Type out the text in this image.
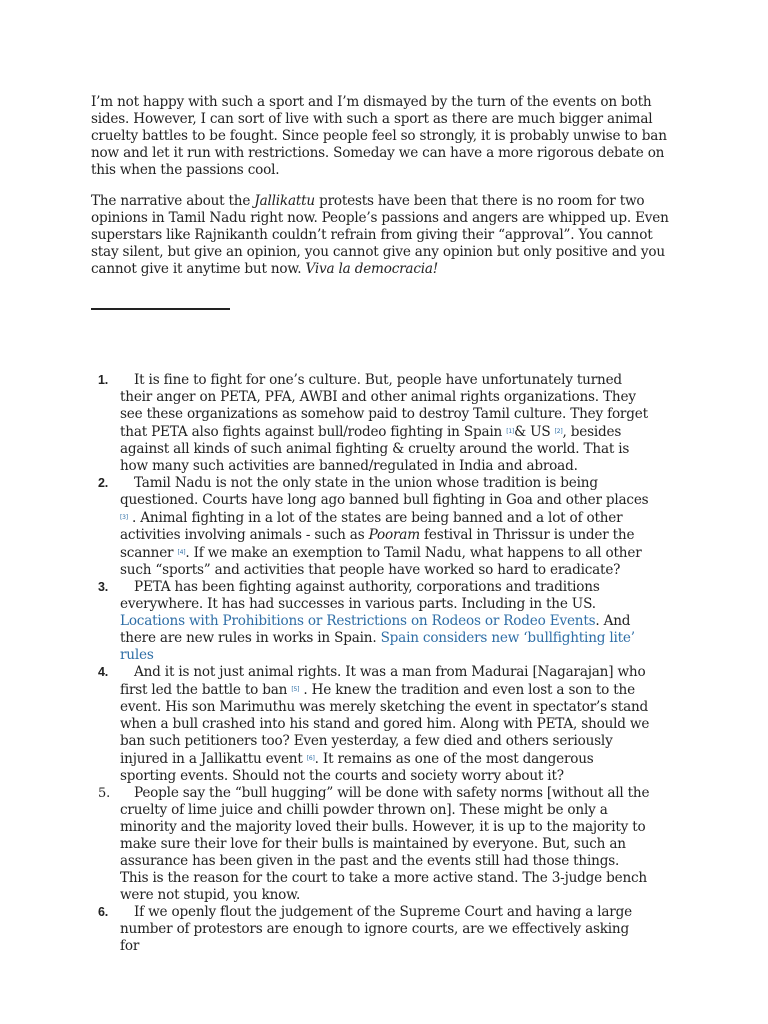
I’m not happy with such a sport and I’m dismayed by the turn of the events on both sides. However, I can sort of live with such a sport as there are much bigger animal cruelty battles to be fought. Since people feel so strongly, it is probably unwise to ban now and let it run with restrictions. Someday we can have a more rigorous debate on this when the passions cool.

The narrative about the Jallikattu protests have been that there is no room for two opinions in Tamil Nadu right now. People’s passions and angers are whipped up. Even superstars like Rajnikanth couldn’t refrain from giving their “approval”. You cannot stay silent, but give an opinion, you cannot give any opinion but only positive and you cannot give it anytime but now. Viva la democracia!

1. It is fine to fight for one’s culture. But, people have unfortunately turned their anger on PETA, PFA, AWBI and other animal rights organizations. They see these organizations as somehow paid to destroy Tamil culture. They forget that PETA also fights against bull/rodeo fighting in Spain [1]& US [2], besides against all kinds of such animal fighting & cruelty around the world. That is how many such activities are banned/regulated in India and abroad.
2. Tamil Nadu is not the only state in the union whose tradition is being questioned. Courts have long ago banned bull fighting in Goa and other places [3] . Animal fighting in a lot of the states are being banned and a lot of other activities involving animals - such as Pooram festival in Thrissur is under the scanner [4]. If we make an exemption to Tamil Nadu, what happens to all other such “sports” and activities that people have worked so hard to eradicate?
3. PETA has been fighting against authority, corporations and traditions everywhere. It has had successes in various parts. Including in the US. Locations with Prohibitions or Restrictions on Rodeos or Rodeo Events. And there are new rules in works in Spain. Spain considers new ‘bullfighting lite’ rules
4. And it is not just animal rights. It was a man from Madurai [Nagarajan] who first led the battle to ban [5] . He knew the tradition and even lost a son to the event. His son Marimuthu was merely sketching the event in spectator’s stand when a bull crashed into his stand and gored him. Along with PETA, should we ban such petitioners too? Even yesterday, a few died and others seriously injured in a Jallikattu event [6]. It remains as one of the most dangerous sporting events. Should not the courts and society worry about it?
5. People say the “bull hugging” will be done with safety norms [without all the cruelty of lime juice and chilli powder thrown on]. These might be only a minority and the majority loved their bulls. However, it is up to the majority to make sure their love for their bulls is maintained by everyone. But, such an assurance has been given in the past and the events still had those things. This is the reason for the court to take a more active stand. The 3-judge bench were not stupid, you know.
6. If we openly flout the judgement of the Supreme Court and having a large number of protestors are enough to ignore courts, are we effectively asking for
